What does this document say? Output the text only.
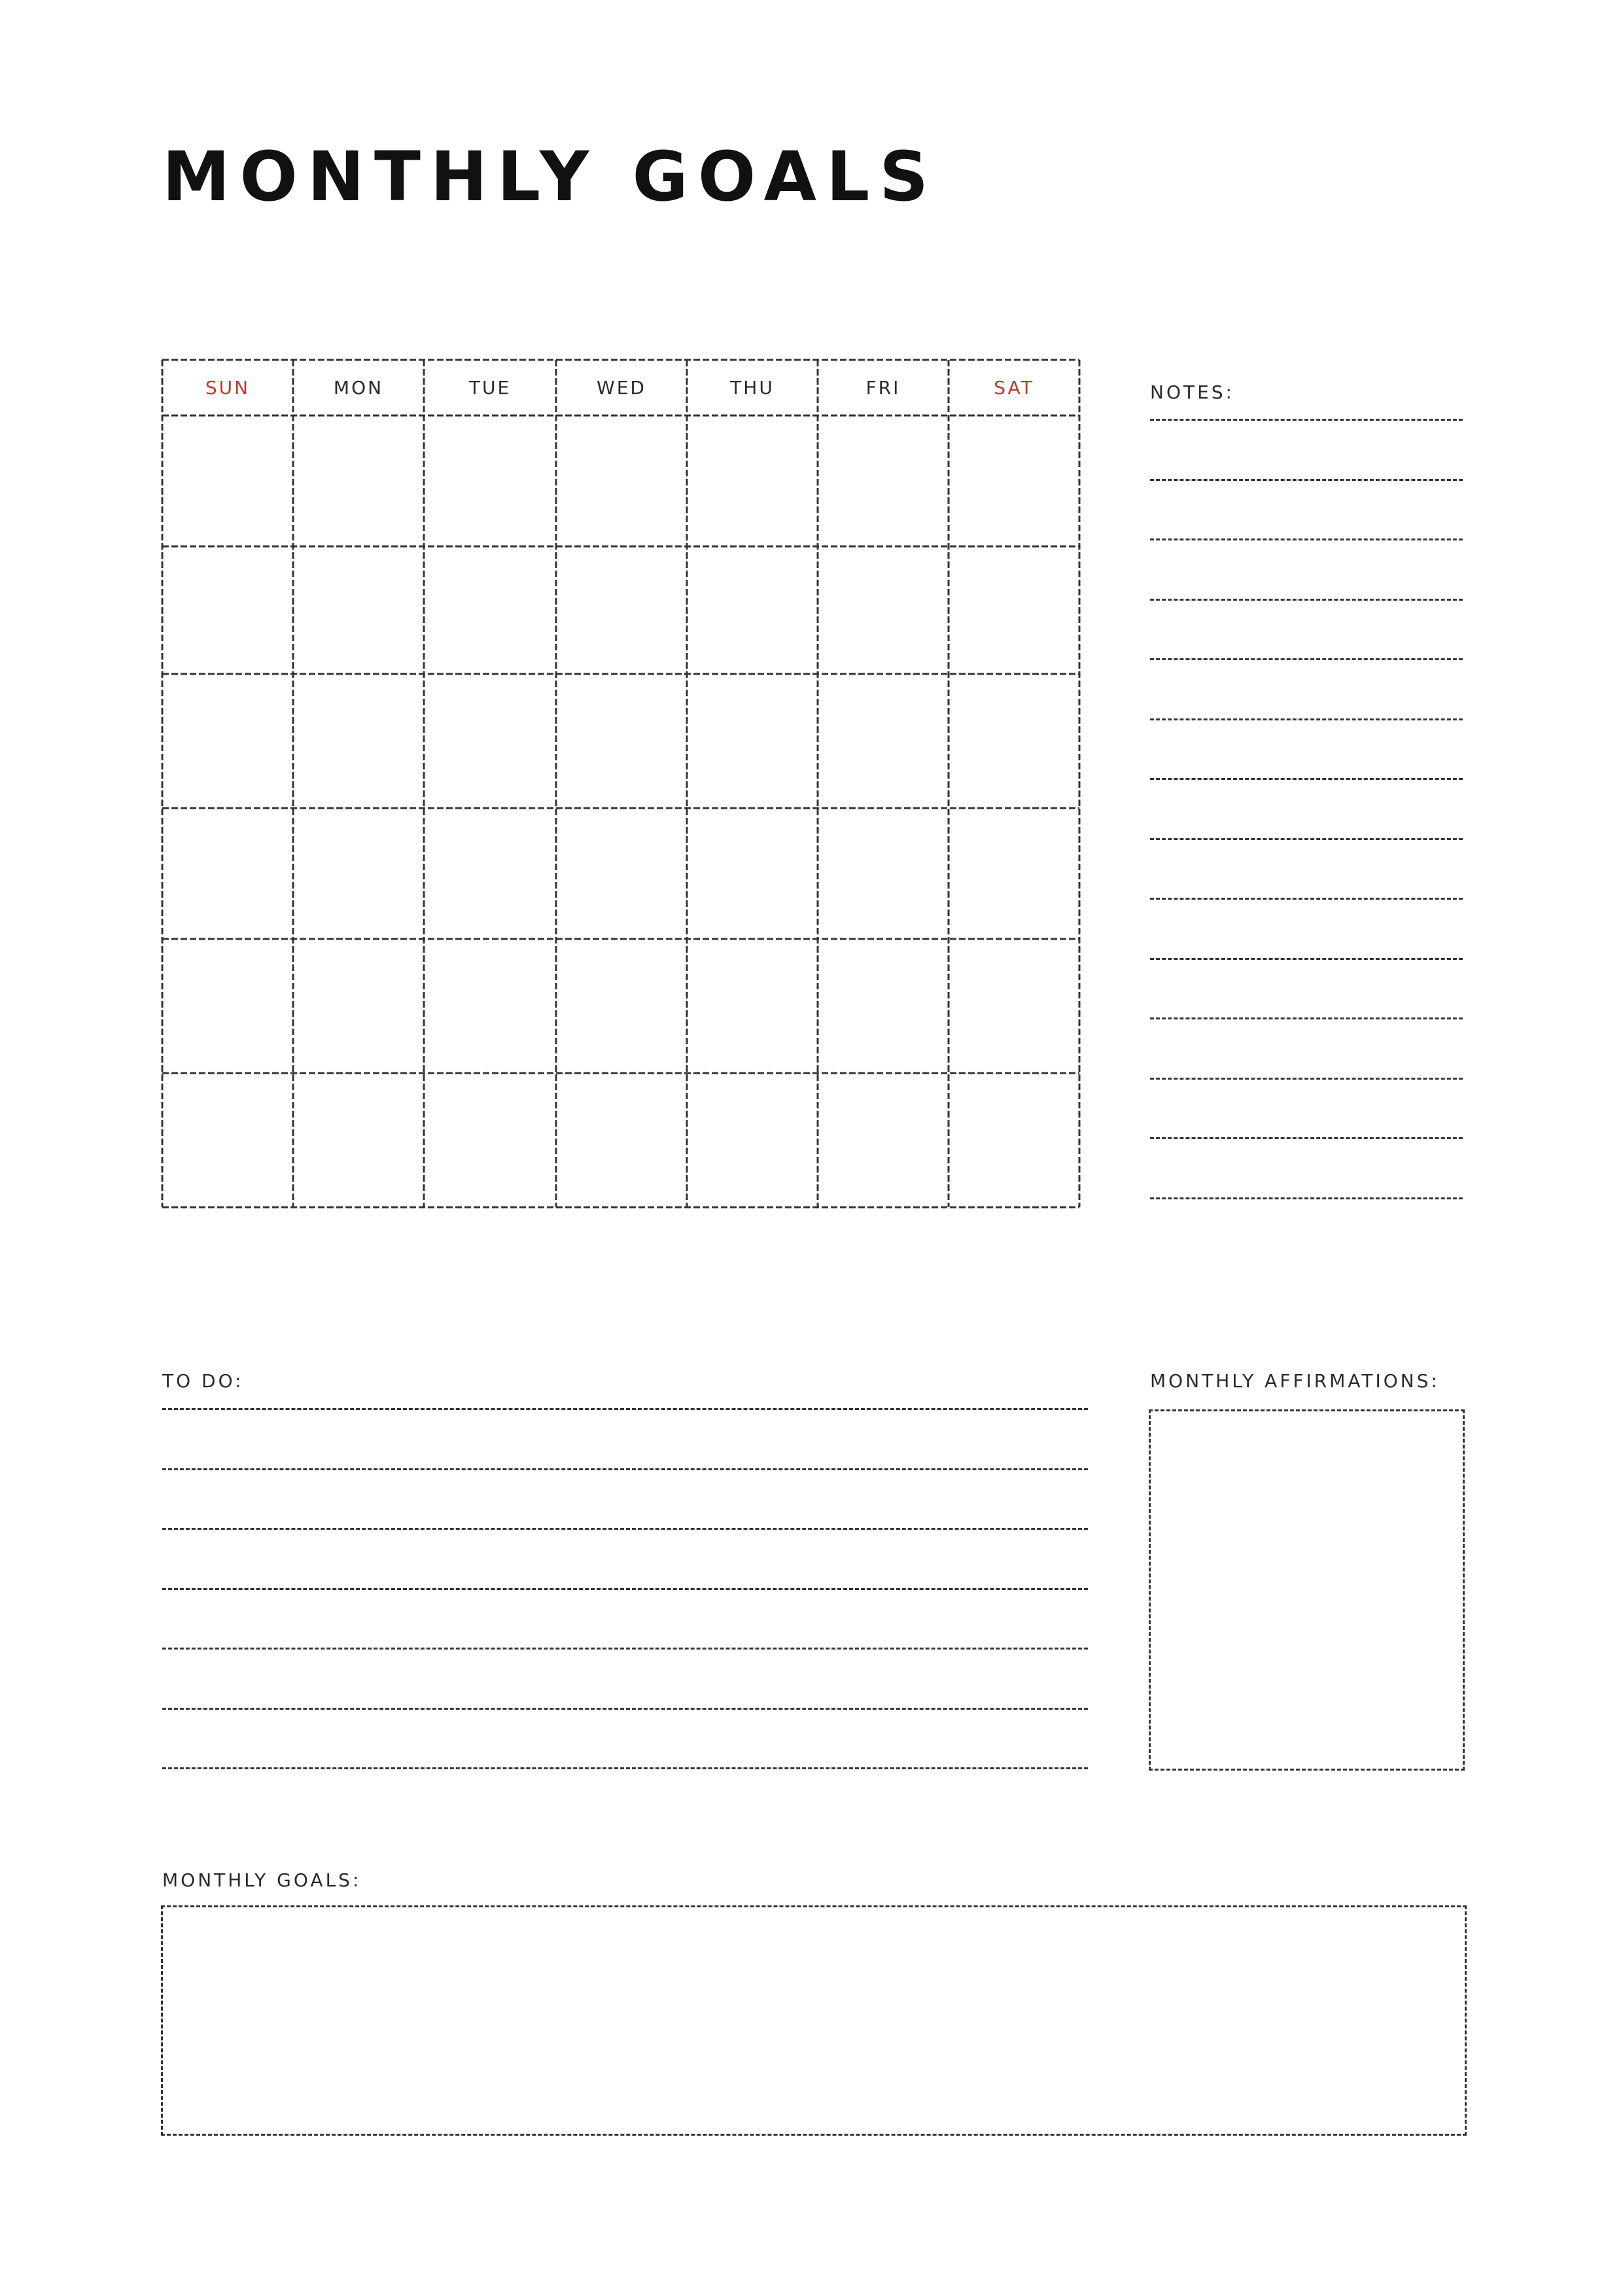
MONTHLY GOALS
SUN	MON	TUE	WED	THU	FRI	SAT	NOTES:
TO DO:	MONTHLY AFFIRMATIONS:
MONTHLY GOALS:
